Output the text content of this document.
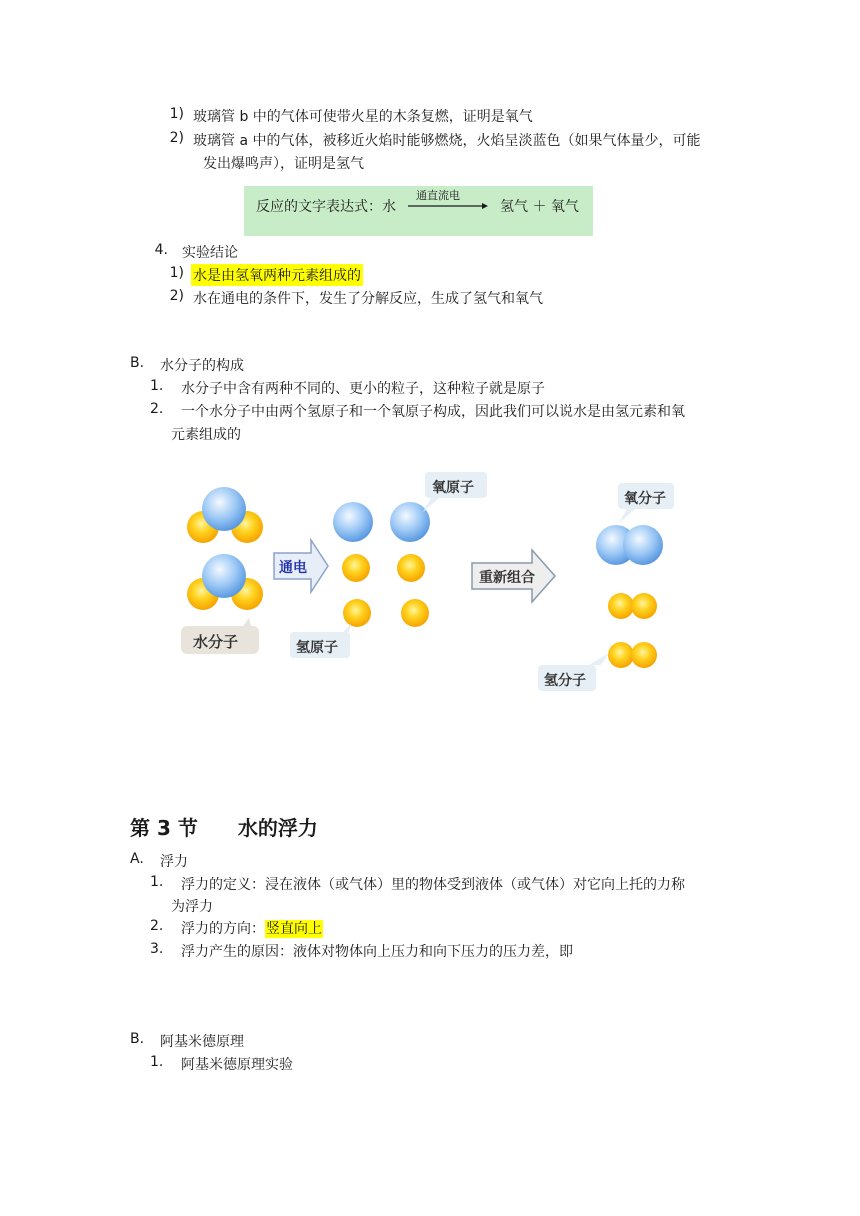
1) 玻璃管 b 中的气体可使带火星的木条复燃，证明是氧气
2) 玻璃管 a 中的气体，被移近火焰时能够燃烧，火焰呈淡蓝色（如果气体量少，可能
发出爆鸣声），证明是氢气
反应的文字表达式：水
通直流电
氢气 ＋ 氧气
4. 实验结论
1) 水是由氢氧两种元素组成的
2) 水在通电的条件下，发生了分解反应，生成了氢气和氧气
B. 水分子的构成
1. 水分子中含有两种不同的、更小的粒子，这种粒子就是原子
2. 一个水分子中由两个氢原子和一个氧原子构成，因此我们可以说水是由氢元素和氧
元素组成的
水分子
通电
氧原子
氢原子
重新组合
氧分子
氢分子
第 3 节　　水的浮力
A. 浮力
1. 浮力的定义：浸在液体（或气体）里的物体受到液体（或气体）对它向上托的力称
为浮力
2. 浮力的方向：竖直向上
3. 浮力产生的原因：液体对物体向上压力和向下压力的压力差，即
B. 阿基米德原理
1. 阿基米德原理实验
